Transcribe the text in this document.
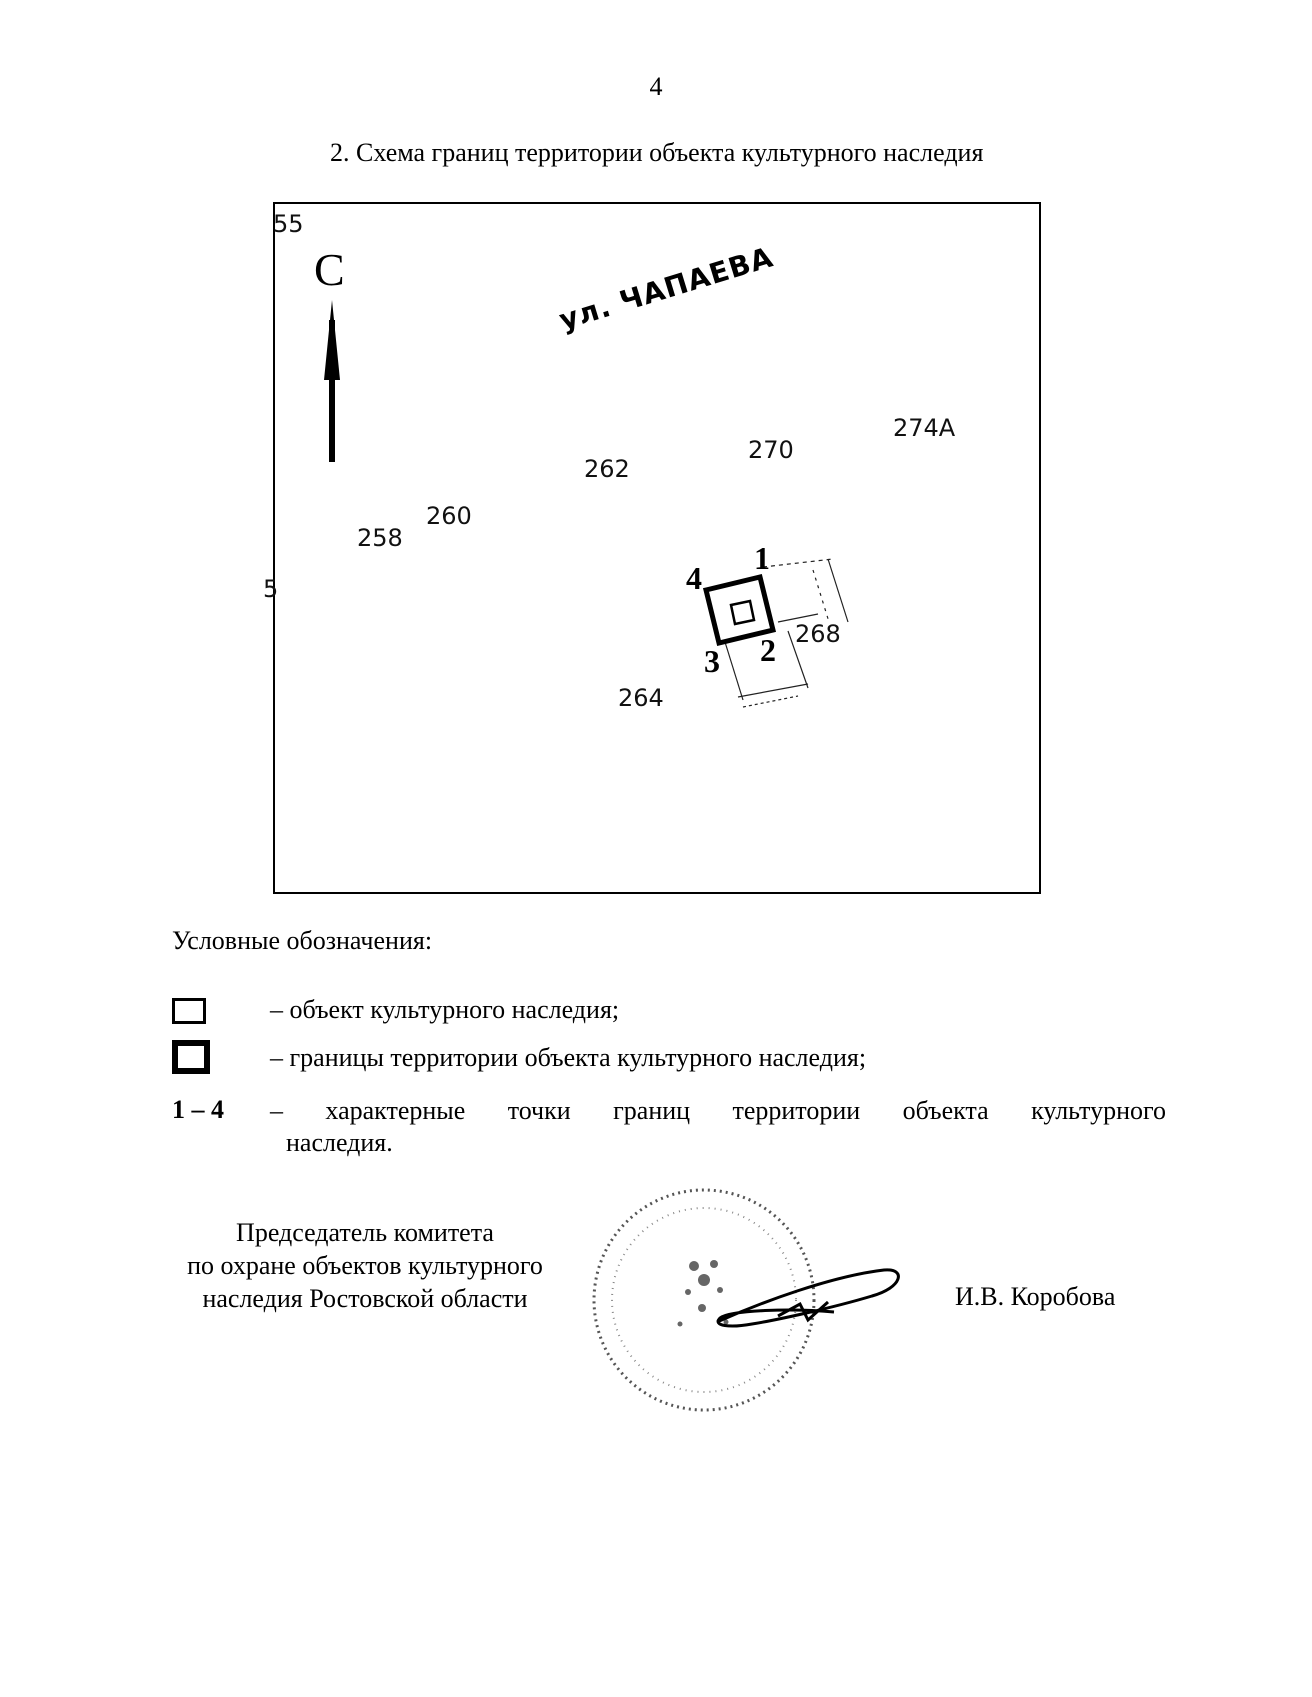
4
2. Схема границ территории объекта культурного наследия
55
5
С	ул. ЧАПАЕВА
258
260
262
270
274А
268
264
1
2
3
4
Условные обозначения:
– объект культурного наследия;
– границы территории объекта культурного наследия;
1 – 4 – характерные точки границ территории объекта культурного
наследия.
Председатель комитета
по охране объектов культурного
наследия Ростовской области	И.В. Коробова
